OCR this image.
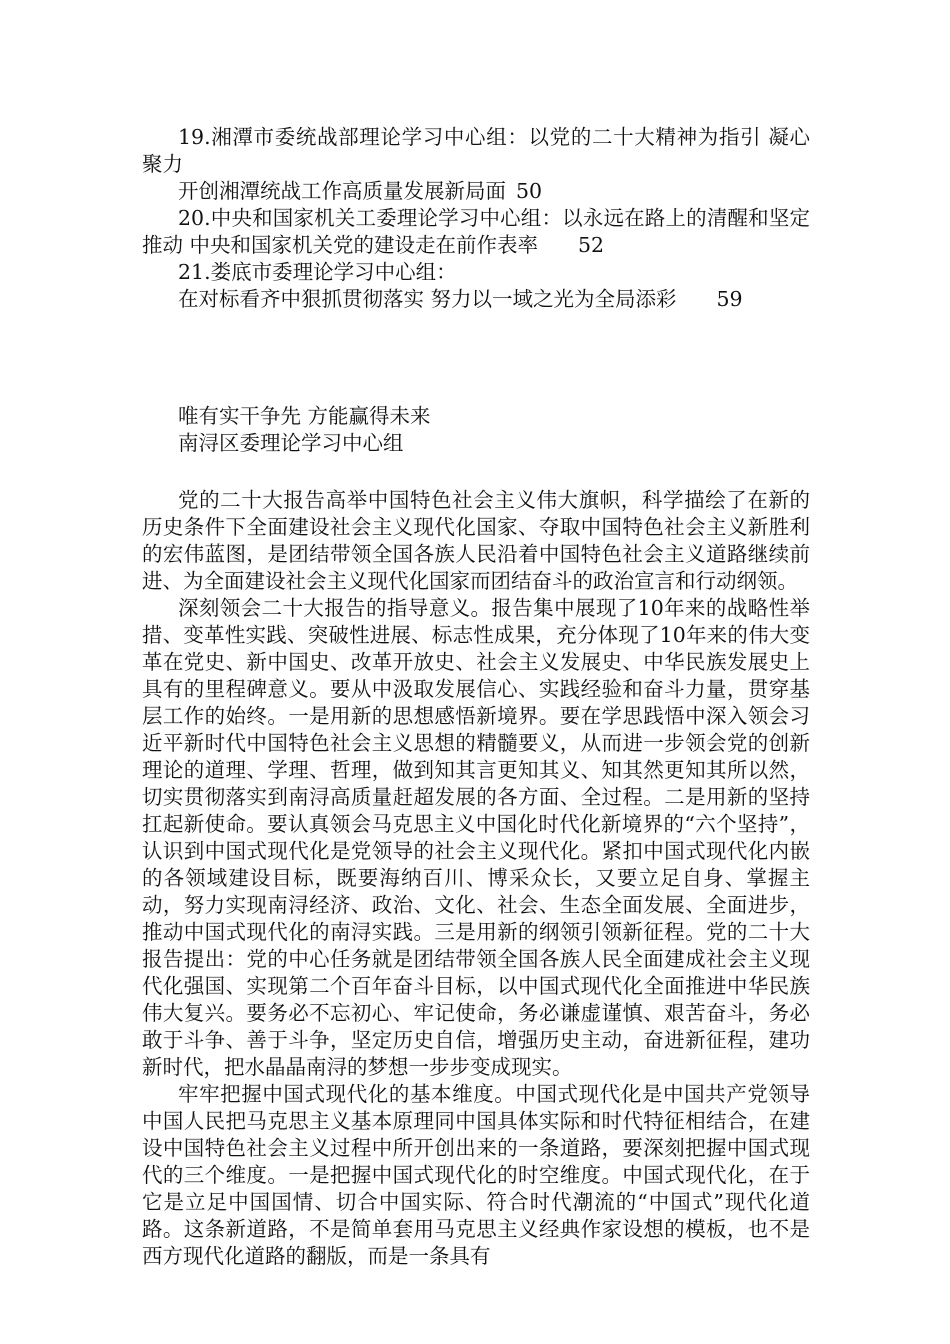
19.湘潭市委统战部理论学习中心组：以党的二十大精神为指引 凝心聚力

开创湘潭统战工作高质量发展新局面 50

20.中央和国家机关工委理论学习中心组：以永远在路上的清醒和坚定推动 中央和国家机关党的建设走在前作表率 52

21.娄底市委理论学习中心组：

在对标看齐中狠抓贯彻落实 努力以一域之光为全局添彩 59

唯有实干争先 方能赢得未来

南浔区委理论学习中心组

党的二十大报告高举中国特色社会主义伟大旗帜，科学描绘了在新的历史条件下全面建设社会主义现代化国家、夺取中国特色社会主义新胜利的宏伟蓝图，是团结带领全国各族人民沿着中国特色社会主义道路继续前进、为全面建设社会主义现代化国家而团结奋斗的政治宣言和行动纲领。

深刻领会二十大报告的指导意义。报告集中展现了10年来的战略性举措、变革性实践、突破性进展、标志性成果，充分体现了10年来的伟大变革在党史、新中国史、改革开放史、社会主义发展史、中华民族发展史上具有的里程碑意义。要从中汲取发展信心、实践经验和奋斗力量，贯穿基层工作的始终。一是用新的思想感悟新境界。要在学思践悟中深入领会习近平新时代中国特色社会主义思想的精髓要义，从而进一步领会党的创新理论的道理、学理、哲理，做到知其言更知其义、知其然更知其所以然，切实贯彻落实到南浔高质量赶超发展的各方面、全过程。二是用新的坚持扛起新使命。要认真领会马克思主义中国化时代化新境界的“六个坚持”，认识到中国式现代化是党领导的社会主义现代化。紧扣中国式现代化内嵌的各领域建设目标，既要海纳百川、博采众长，又要立足自身、掌握主动，努力实现南浔经济、政治、文化、社会、生态全面发展、全面进步，推动中国式现代化的南浔实践。三是用新的纲领引领新征程。党的二十大报告提出：党的中心任务就是团结带领全国各族人民全面建成社会主义现代化强国、实现第二个百年奋斗目标，以中国式现代化全面推进中华民族伟大复兴。要务必不忘初心、牢记使命，务必谦虚谨慎、艰苦奋斗，务必敢于斗争、善于斗争，坚定历史自信，增强历史主动，奋进新征程，建功新时代，把水晶晶南浔的梦想一步步变成现实。

牢牢把握中国式现代化的基本维度。中国式现代化是中国共产党领导中国人民把马克思主义基本原理同中国具体实际和时代特征相结合，在建设中国特色社会主义过程中所开创出来的一条道路，要深刻把握中国式现代的三个维度。一是把握中国式现代化的时空维度。中国式现代化，在于它是立足中国国情、切合中国实际、符合时代潮流的“中国式”现代化道路。这条新道路，不是简单套用马克思主义经典作家设想的模板，也不是西方现代化道路的翻版，而是一条具有
